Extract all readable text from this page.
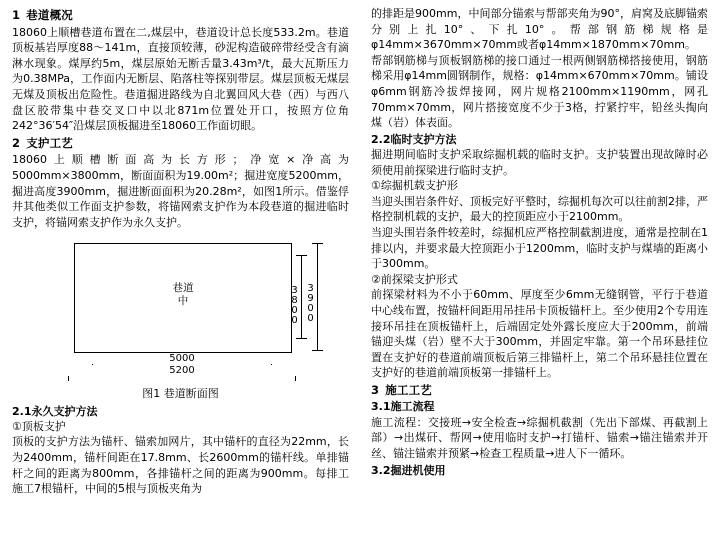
1 巷道概况

18060上顺槽巷道布置在二,煤层中，巷道设计总长度533.2m。巷道顶板基岩厚度88～141m，直接顶较薄，砂泥构造破碎带经受含有滴淋水现象。煤厚约5m，煤层原始无断舌量3.43m³/t，最大瓦斯压力为0.38MPa，工作面内无断层、陷落柱等探别带层。煤层顶板无煤层无煤及顶板出危险性。巷道掘进路线为自北翼回风大巷（西）与西八盘区胶带集中巷交叉口中以北871m位置处开口，按照方位角242°36′54″沿煤层顶板掘进至18060工作面切眼。

2 支护工艺

18060上顺槽断面高为长方形；净宽×净高为5000mm×3800mm，断面面积为19.00m²；掘进宽度5200mm，掘进高度3900mm，掘进断面面积为20.28m²，如图1所示。借鉴俘井其他类似工作面支护参数，将锚网索支护作为本段巷道的掘进临时支护，将锚网索支护作为永久支护。

巷道
中	3800 3900
5000
5200
图1 巷道断面图
2.1永久支护方法
①顶板支护

顶板的支护方法为锚杆、锚索加网片，其中锚杆的直径为22mm，长为2400mm，锚杆间距在17.8mm、长2600mm的锚杆线。单排锚杆之间的距离为800mm，各排锚杆之间的距离为900mm。每排工施工7根锚杆，中间的5根与顶板夹角为

的排距是900mm，中间部分锚索与帮部夹角为90°，肩窝及底脚锚索分别上扎10°、下扎10°。帮部钢筋梯规格是φ14mm×3670mm×70mm或者φ14mm×1870mm×70mm。

帮部钢筋梯与顶板钢筋梯的接口通过一根两侧钢筋梯搭接使用，钢筋梯采用φ14mm圆钢制作，规格：φ14mm×670mm×70mm。铺设φ6mm钢筋冷拔焊接网，网片规格2100mm×1190mm，网孔70mm×70mm，网片搭接宽度不少于3格，拧紧拧牢，铅丝头掏向煤（岩）体表面。

2.2临时支护方法

掘进期间临时支护采取综掘机载的临时支护。支护装置出现故障时必须使用前探梁进行临时支护。

①综掘机载支护形

当迎头围岩条件好、顶板完好平整时，综掘机每次可以往前割2排，严格控制机载的支护，最大的控顶距应小于2100mm。

当迎头围岩条件较差时，综掘机应严格控制截割进度，通常是控制在1排以内，并要求最大控顶距小于1200mm，临时支护与煤墙的距离小于300mm。

②前探梁支护形式

前探梁材料为不小于60mm、厚度至少6mm无缝钢管，平行于巷道中心线布置，按锚杆间距用吊挂吊卡顶板锚杆上。至少使用2个专用连接环吊挂在顶板锚杆上，后端固定处外露长度应大于200mm，前端锚迎头煤（岩）壁不大于300mm，并固定牢靠。第一个吊环悬挂位置在支护好的巷道前端顶板后第三排锚杆上，第二个吊环悬挂位置在支护好的巷道前端顶板第一排锚杆上。

3 施工工艺
3.1施工流程

施工流程：交接班→安全检查→综掘机截割（先出下部煤、再截割上部）→出煤矸、帮网→使用临时支护→打锚杆、锚索→锚注锚索并开丝、锚注锚索并预紧→检查工程质量→进人下一循环。

3.2掘进机使用
